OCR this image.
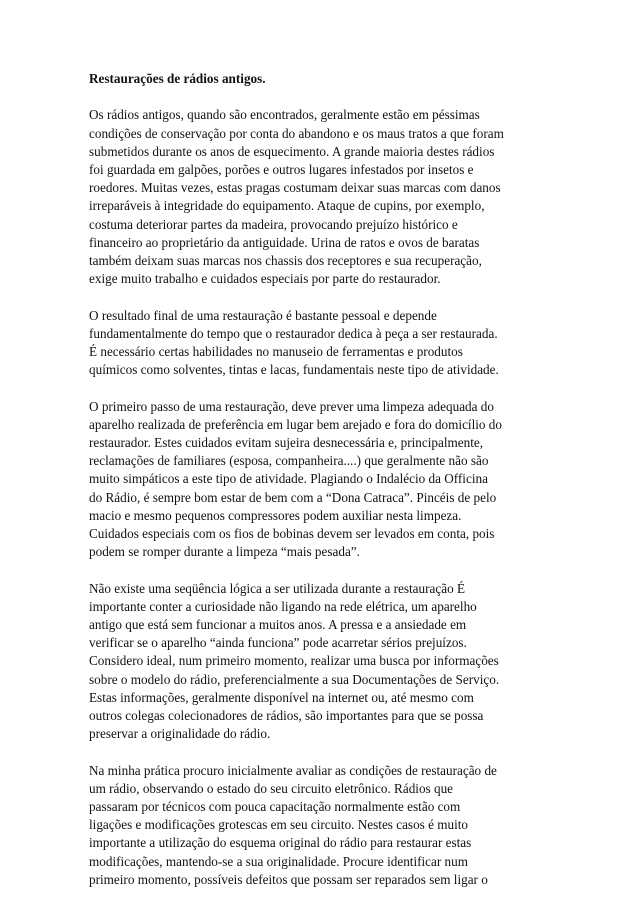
Restaurações de rádios antigos.
Os rádios antigos, quando são encontrados, geralmente estão em péssimas
condições de conservação por conta do abandono e os maus tratos a que foram
submetidos durante os anos de esquecimento. A grande maioria destes rádios
foi guardada em galpões, porões e outros lugares infestados por insetos e
roedores. Muitas vezes, estas pragas costumam deixar suas marcas com danos
irreparáveis à integridade do equipamento. Ataque de cupins, por exemplo,
costuma deteriorar partes da madeira, provocando prejuízo histórico e
financeiro ao proprietário da antiguidade. Urina de ratos e ovos de baratas
também deixam suas marcas nos chassis dos receptores e sua recuperação,
exige muito trabalho e cuidados especiais por parte do restaurador.
O resultado final de uma restauração é bastante pessoal e depende
fundamentalmente do tempo que o restaurador dedica à peça a ser restaurada.
É necessário certas habilidades no manuseio de ferramentas e produtos
químicos como solventes, tintas e lacas, fundamentais neste tipo de atividade.
O primeiro passo de uma restauração, deve prever uma limpeza adequada do
aparelho realizada de preferência em lugar bem arejado e fora do domicílio do
restaurador. Estes cuidados evitam sujeira desnecessária e, principalmente,
reclamações de familiares (esposa, companheira....) que geralmente não são
muito simpáticos a este tipo de atividade. Plagiando o Indalécio da Officina
do Rádio, é sempre bom estar de bem com a “Dona Catraca”. Pincéis de pelo
macio e mesmo pequenos compressores podem auxiliar nesta limpeza.
Cuidados especiais com os fios de bobinas devem ser levados em conta, pois
podem se romper durante a limpeza “mais pesada”.
Não existe uma seqüência lógica a ser utilizada durante a restauração É
importante conter a curiosidade não ligando na rede elétrica, um aparelho
antigo que está sem funcionar a muitos anos. A pressa e a ansiedade em
verificar se o aparelho “ainda funciona” pode acarretar sérios prejuízos.
Considero ideal, num primeiro momento, realizar uma busca por informações
sobre o modelo do rádio, preferencialmente a sua Documentações de Serviço.
Estas informações, geralmente disponível na internet ou, até mesmo com
outros colegas colecionadores de rádios, são importantes para que se possa
preservar a originalidade do rádio.
Na minha prática procuro inicialmente avaliar as condições de restauração de
um rádio, observando o estado do seu circuito eletrônico. Rádios que
passaram por técnicos com pouca capacitação normalmente estão com
ligações e modificações grotescas em seu circuito. Nestes casos é muito
importante a utilização do esquema original do rádio para restaurar estas
modificações, mantendo-se a sua originalidade. Procure identificar num
primeiro momento, possíveis defeitos que possam ser reparados sem ligar o
